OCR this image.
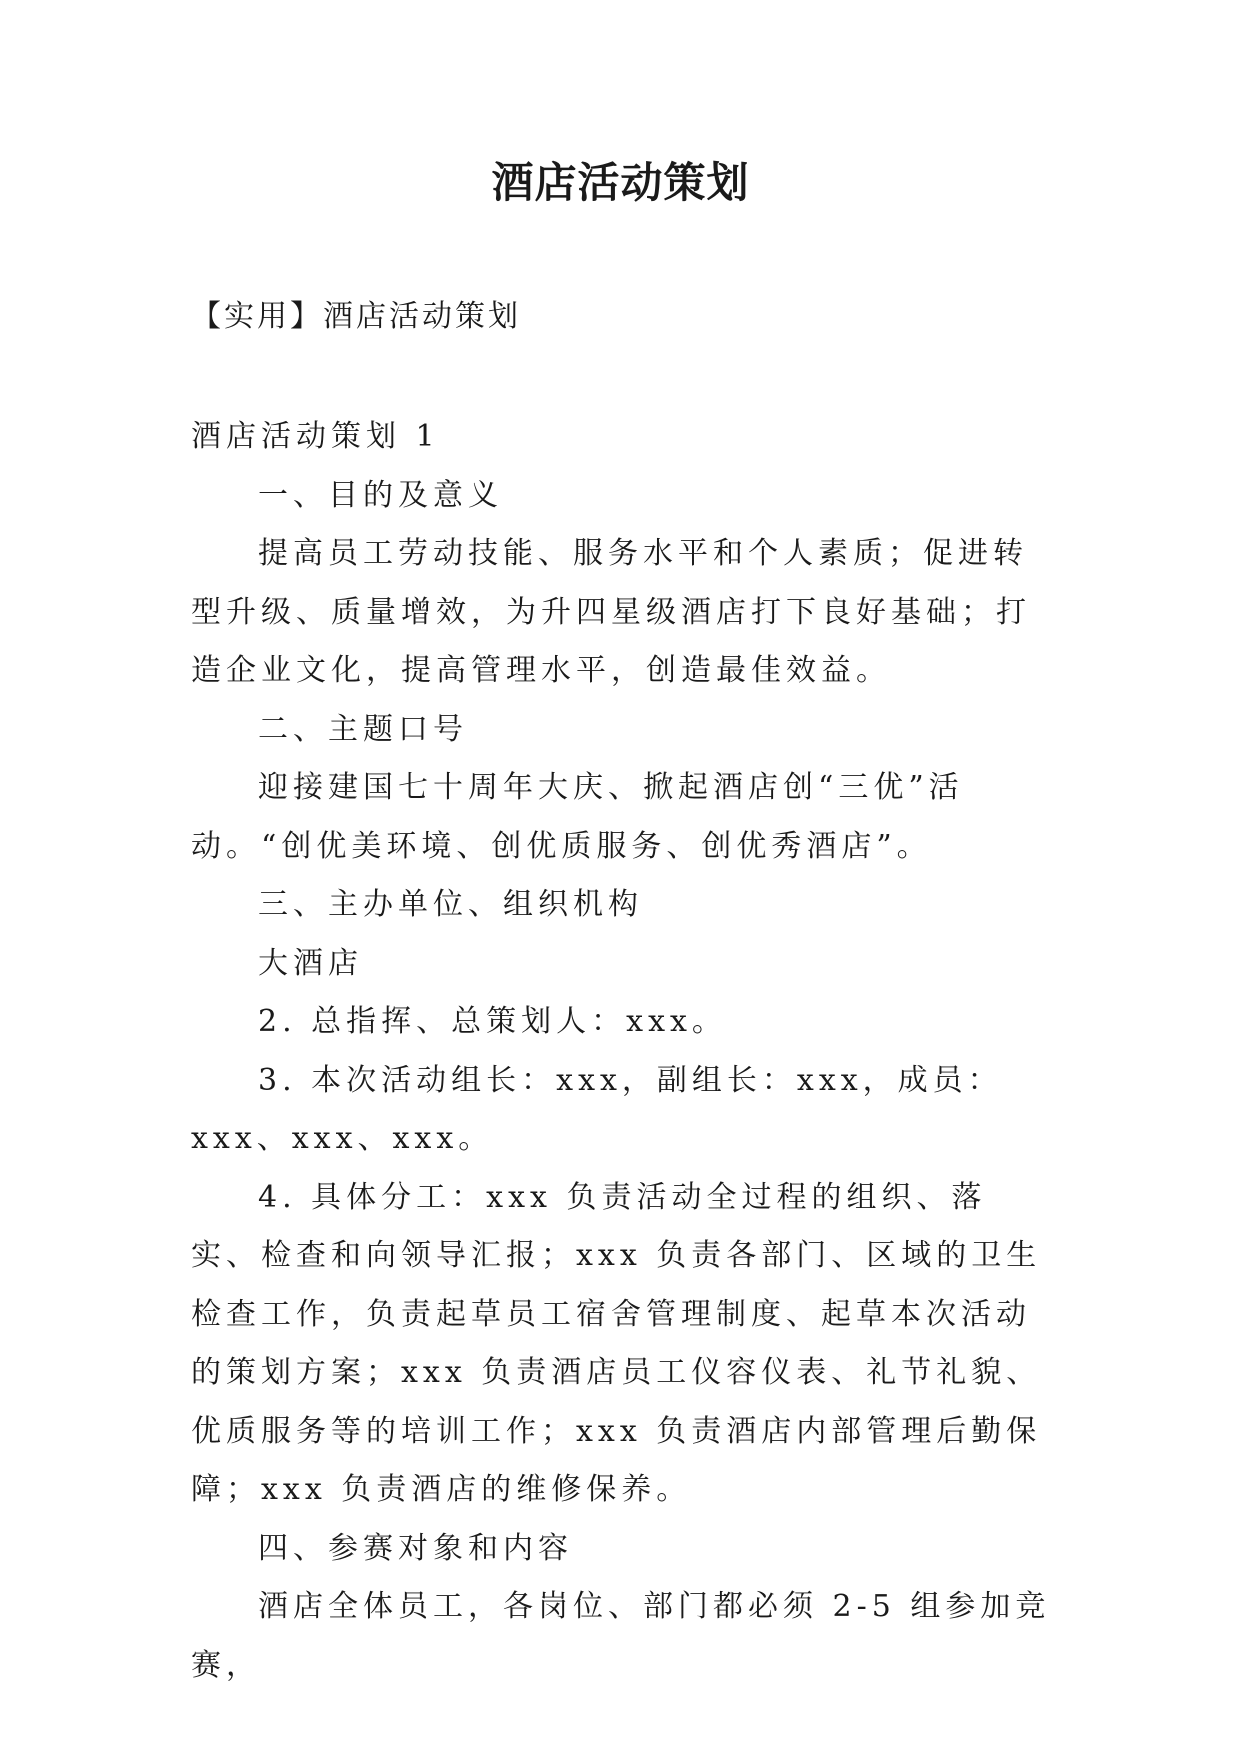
酒店活动策划
【实用】酒店活动策划

酒店活动策划 1

一、目的及意义

提高员工劳动技能、服务水平和个人素质；促进转型升级、质量增效，为升四星级酒店打下良好基础；打造企业文化，提高管理水平，创造最佳效益。

二、主题口号

迎接建国七十周年大庆、掀起酒店创“三优”活动。“创优美环境、创优质服务、创优秀酒店”。

三、主办单位、组织机构

大酒店

2. 总指挥、总策划人：xxx。

3. 本次活动组长：xxx，副组长：xxx，成员：xxx、xxx、xxx。

4. 具体分工：xxx 负责活动全过程的组织、落实、检查和向领导汇报；xxx 负责各部门、区域的卫生检查工作，负责起草员工宿舍管理制度、起草本次活动的策划方案；xxx 负责酒店员工仪容仪表、礼节礼貌、优质服务等的培训工作；xxx 负责酒店内部管理后勤保障；xxx 负责酒店的维修保养。

四、参赛对象和内容

酒店全体员工，各岗位、部门都必须 2-5 组参加竞赛，
